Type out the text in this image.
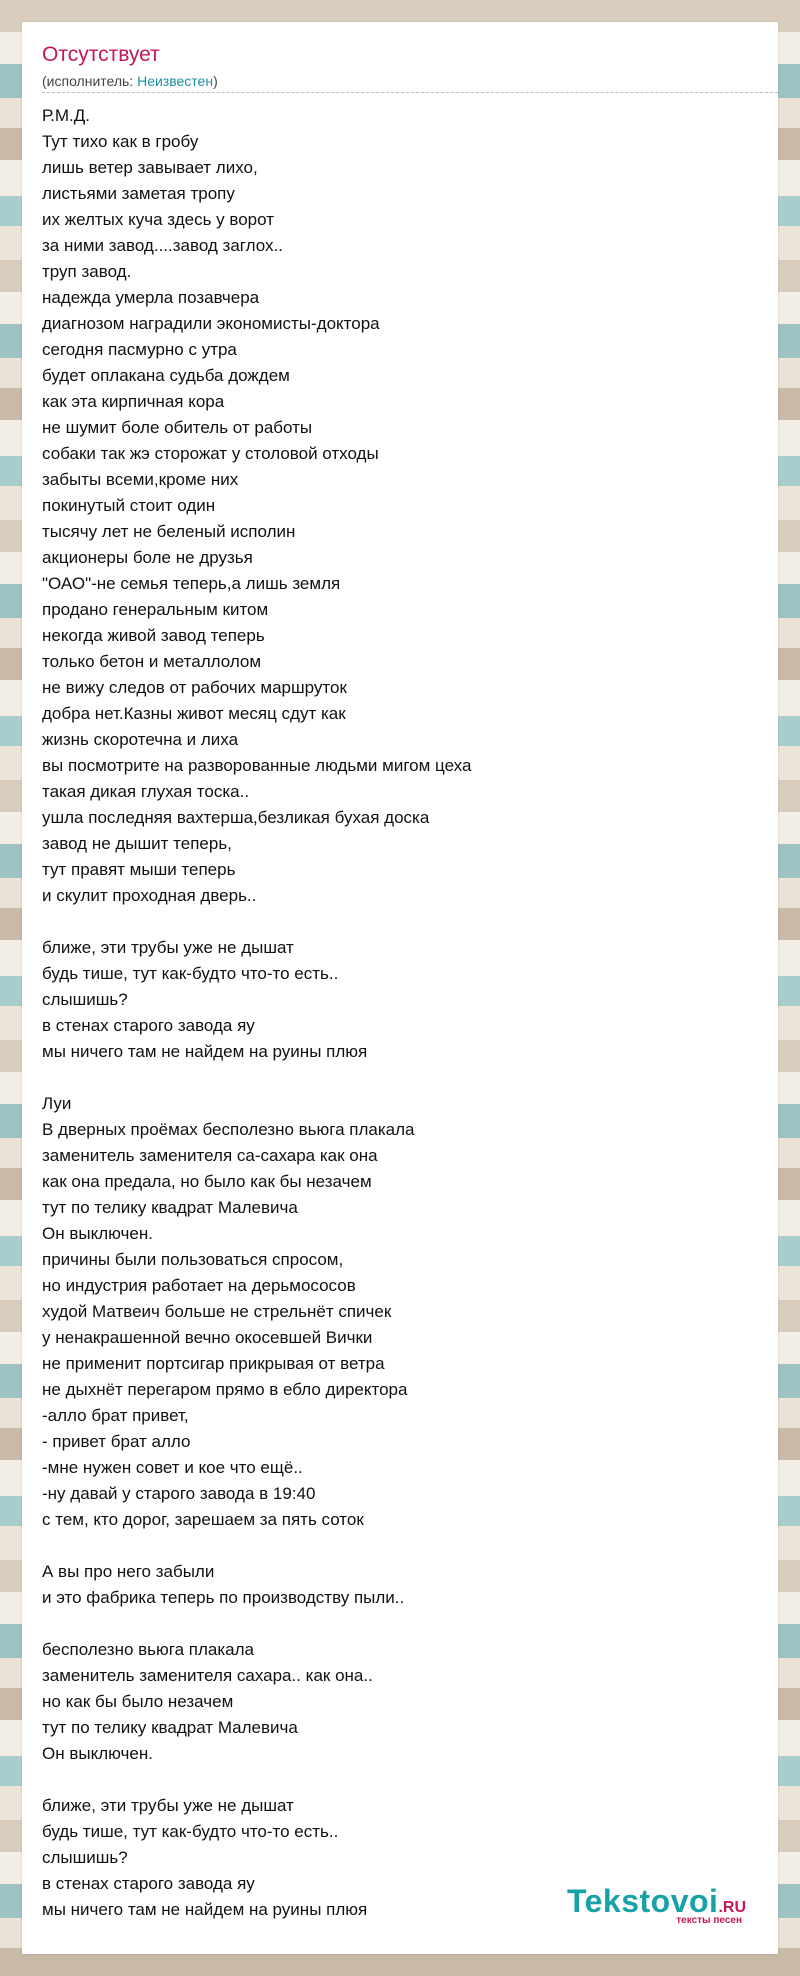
Отсутствует
(исполнитель: Неизвестен)
Р.М.Д.
Тут тихо как в гробу
лишь ветер завывает лихо,
листьями заметая тропу
их желтых куча здесь у ворот
за ними завод....завод заглох..
труп завод.
надежда умерла позавчера
диагнозом наградили экономисты-доктора
сегодня пасмурно с утра
будет оплакана судьба дождем
как эта кирпичная кора
не шумит боле обитель от работы
собаки так жэ сторожат у столовой отходы
забыты всеми,кроме них
покинутый стоит один
тысячу лет не беленый исполин
акционеры боле не друзья
"ОАО"-не семья теперь,а лишь земля
продано генеральным китом
некогда живой завод теперь
только бетон и металлолом
не вижу следов от рабочих маршруток
добра нет.Казны живот месяц сдут как
жизнь скоротечна и лиха
вы посмотрите на разворованные людьми мигом цеха
такая дикая глухая тоска..
ушла последняя вахтерша,безликая бухая доска
завод не дышит теперь,
тут правят мыши теперь
и скулит проходная дверь..

ближе, эти трубы уже не дышат
будь тише, тут как-будто что-то есть..
слышишь?
в стенах старого завода яу
мы ничего там не найдем на руины плюя

Луи
В дверных проёмах бесполезно вьюга плакала
заменитель заменителя са-сахара как она
как она предала, но было как бы незачем
тут по телику квадрат Малевича
Он выключен.
причины были пользоваться спросом,
но индустрия работает на дерьмососов
худой Матвеич больше не стрельнёт спичек
у ненакрашенной вечно окосевшей Вички
не применит портсигар прикрывая от ветра
не дыхнёт перегаром прямо в ебло директора
-алло брат привет,
- привет брат алло
-мне нужен совет и кое что ещё..
-ну давай у старого завода в 19:40
с тем, кто дорог, зарешаем за пять соток

А вы про него забыли
и это фабрика теперь по производству пыли..

бесполезно вьюга плакала
заменитель заменителя сахара.. как она..
но как бы было незачем
тут по телику квадрат Малевича
Он выключен.

ближе, эти трубы уже не дышат
будь тише, тут как-будто что-то есть..
слышишь?
в стенах старого завода яу
мы ничего там не найдем на руины плюя	Tekstovoi.RU
тексты песен
